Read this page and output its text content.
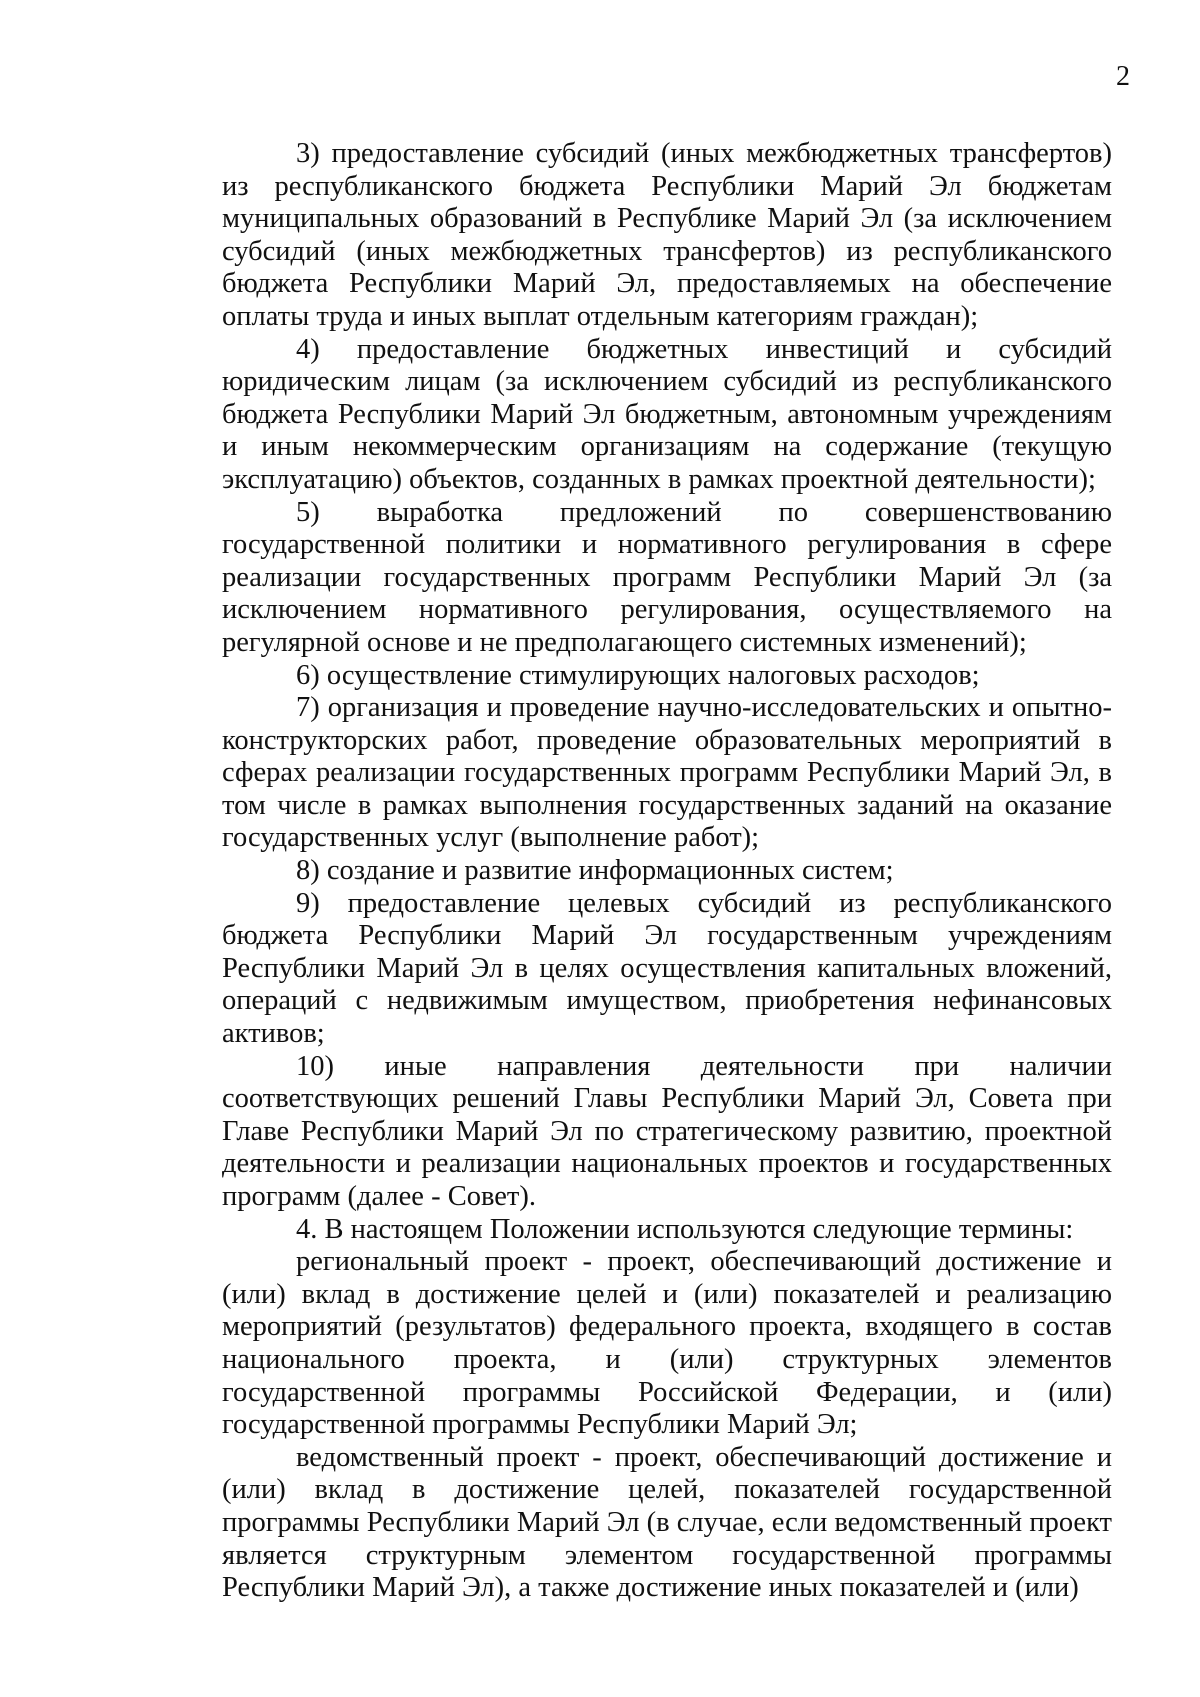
2

3) предоставление субсидий (иных межбюджетных трансфертов) из республиканского бюджета Республики Марий Эл бюджетам муниципальных образований в Республике Марий Эл (за исключением субсидий (иных межбюджетных трансфертов) из республиканского бюджета Республики Марий Эл, предоставляемых на обеспечение оплаты труда и иных выплат отдельным категориям граждан);

4) предоставление бюджетных инвестиций и субсидий юридическим лицам (за исключением субсидий из республиканского бюджета Республики Марий Эл бюджетным, автономным учреждениям и иным некоммерческим организациям на содержание (текущую эксплуатацию) объектов, созданных в рамках проектной деятельности);

5) выработка предложений по совершенствованию государственной политики и нормативного регулирования в сфере реализации государственных программ Республики Марий Эл (за исключением нормативного регулирования, осуществляемого на регулярной основе и не предполагающего системных изменений);

6) осуществление стимулирующих налоговых расходов;

7) организация и проведение научно-исследовательских и опытно-конструкторских работ, проведение образовательных мероприятий в сферах реализации государственных программ Республики Марий Эл, в том числе в рамках выполнения государственных заданий на оказание государственных услуг (выполнение работ);

8) создание и развитие информационных систем;

9) предоставление целевых субсидий из республиканского бюджета Республики Марий Эл государственным учреждениям Республики Марий Эл в целях осуществления капитальных вложений, операций с недвижимым имуществом, приобретения нефинансовых активов;

10) иные направления деятельности при наличии соответствующих решений Главы Республики Марий Эл, Совета при Главе Республики Марий Эл по стратегическому развитию, проектной деятельности и реализации национальных проектов и государственных программ (далее - Совет).

4. В настоящем Положении используются следующие термины:

региональный проект - проект, обеспечивающий достижение и (или) вклад в достижение целей и (или) показателей и реализацию мероприятий (результатов) федерального проекта, входящего в состав национального проекта, и (или) структурных элементов государственной программы Российской Федерации, и (или) государственной программы Республики Марий Эл;

ведомственный проект - проект, обеспечивающий достижение и (или) вклад в достижение целей, показателей государственной программы Республики Марий Эл (в случае, если ведомственный проект является структурным элементом государственной программы Республики Марий Эл), а также достижение иных показателей и (или)
